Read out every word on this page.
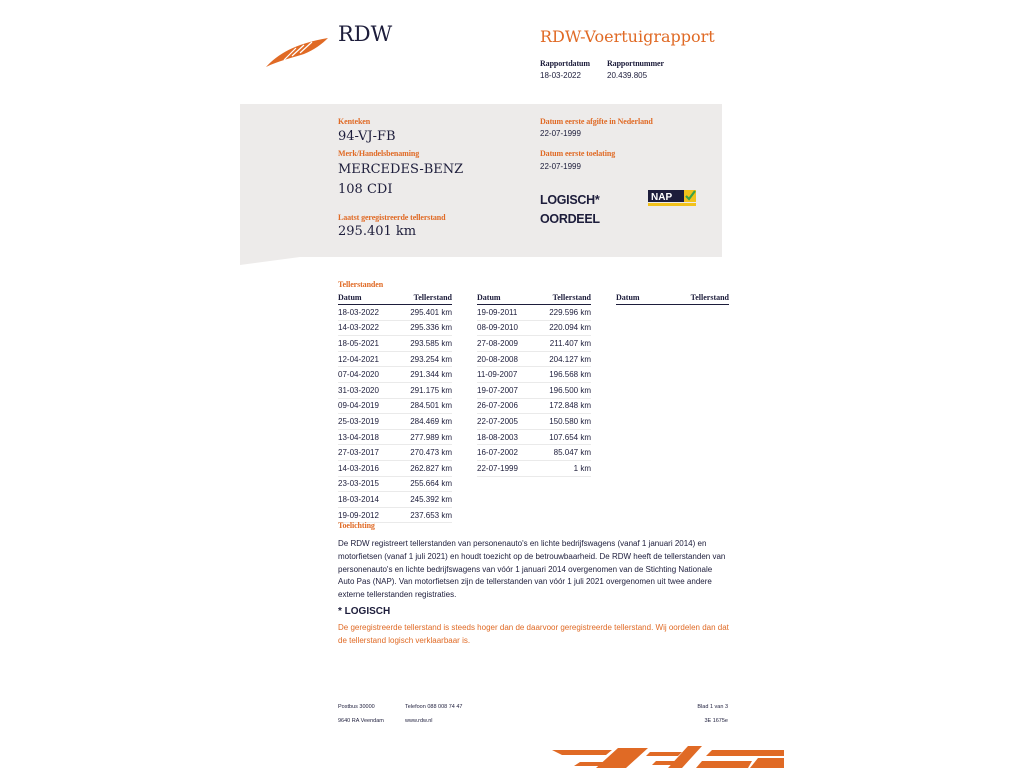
RDW	RDW-Voertuigrapport
Rapportdatum Rapportnummer
18-03-2022	20.439.805
Kenteken
94-VJ-FB
Merk/Handelsbenaming
MERCEDES-BENZ
108 CDI
Laatst geregistreerde tellerstand
295.401 km
Datum eerste afgifte in Nederland
22-07-1999
Datum eerste toelating
22-07-1999
LOGISCH*
OORDEEL
NAP
Tellerstanden
Datum	Tellerstand
18-03-2022	295.401 km
14-03-2022	295.336 km
18-05-2021	293.585 km
12-04-2021	293.254 km
07-04-2020	291.344 km
31-03-2020	291.175 km
09-04-2019	284.501 km
25-03-2019	284.469 km
13-04-2018	277.989 km
27-03-2017	270.473 km
14-03-2016	262.827 km
23-03-2015	255.664 km
18-03-2014	245.392 km
19-09-2012	237.653 km
Datum	Tellerstand
19-09-2011	229.596 km
08-09-2010	220.094 km
27-08-2009	211.407 km
20-08-2008	204.127 km
11-09-2007	196.568 km
19-07-2007	196.500 km
26-07-2006	172.848 km
22-07-2005	150.580 km
18-08-2003	107.654 km
16-07-2002	85.047 km
22-07-1999	1 km
Datum	Tellerstand
Toelichting
De RDW registreert tellerstanden van personenauto's en lichte bedrijfswagens (vanaf 1 januari 2014) en motorfietsen (vanaf 1 juli 2021) en houdt toezicht op de betrouwbaarheid. De RDW heeft de tellerstanden van personenauto's en lichte bedrijfswagens van vóór 1 januari 2014 overgenomen van de Stichting Nationale Auto Pas (NAP). Van motorfietsen zijn de tellerstanden van vóór 1 juli 2021 overgenomen uit twee andere externe tellerstanden registraties.
* LOGISCH
De geregistreerde tellerstand is steeds hoger dan de daarvoor geregistreerde tellerstand. Wij oordelen dan dat de tellerstand logisch verklaarbaar is.
Postbus 30000
9640 RA Veendam
Telefoon 088 008 74 47
www.rdw.nl
Blad 1 van 3
3E 1675e
